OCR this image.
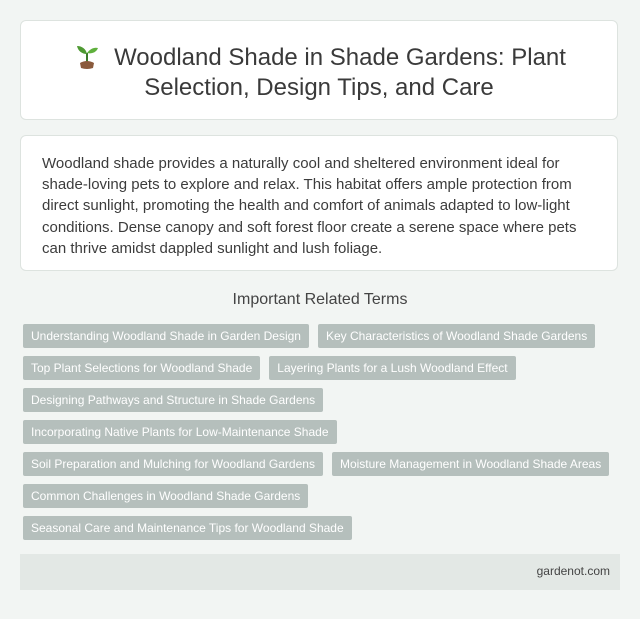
Woodland Shade in Shade Gardens: Plant Selection, Design Tips, and Care

Woodland shade provides a naturally cool and sheltered environment ideal for shade-loving pets to explore and relax. This habitat offers ample protection from direct sunlight, promoting the health and comfort of animals adapted to low-light conditions. Dense canopy and soft forest floor create a serene space where pets can thrive amidst dappled sunlight and lush foliage.

Important Related Terms
Understanding Woodland Shade in Garden Design	Key Characteristics of Woodland Shade Gardens
Top Plant Selections for Woodland Shade	Layering Plants for a Lush Woodland Effect
Designing Pathways and Structure in Shade Gardens
Incorporating Native Plants for Low-Maintenance Shade
Soil Preparation and Mulching for Woodland Gardens	Moisture Management in Woodland Shade Areas
Common Challenges in Woodland Shade Gardens
Seasonal Care and Maintenance Tips for Woodland Shade
gardenot.com
